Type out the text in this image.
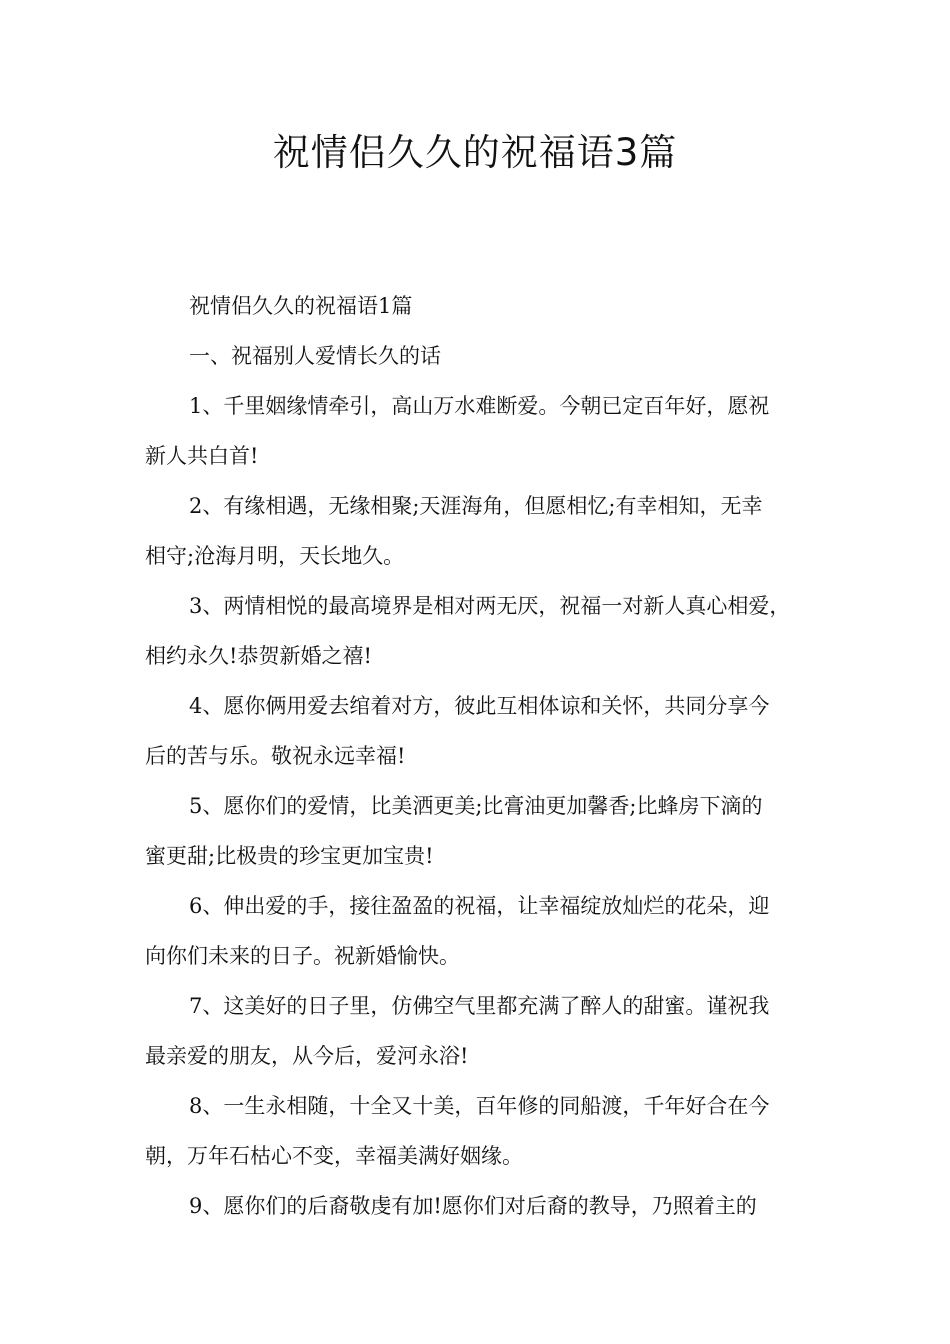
祝情侣久久的祝福语3篇

祝情侣久久的祝福语1篇

一、祝福别人爱情长久的话

1、千里姻缘情牵引，高山万水难断爱。今朝已定百年好，愿祝
新人共白首!

2、有缘相遇，无缘相聚;天涯海角，但愿相忆;有幸相知，无幸
相守;沧海月明，天长地久。

3、两情相悦的最高境界是相对两无厌，祝福一对新人真心相爱，
相约永久!恭贺新婚之禧!

4、愿你俩用爱去绾着对方，彼此互相体谅和关怀，共同分享今
后的苦与乐。敬祝永远幸福!

5、愿你们的爱情，比美洒更美;比膏油更加馨香;比蜂房下滴的
蜜更甜;比极贵的珍宝更加宝贵!

6、伸出爱的手，接往盈盈的祝福，让幸福绽放灿烂的花朵，迎
向你们未来的日子。祝新婚愉快。

7、这美好的日子里，仿佛空气里都充满了醉人的甜蜜。谨祝我
最亲爱的朋友，从今后，爱河永浴!

8、一生永相随，十全又十美，百年修的同船渡，千年好合在今
朝，万年石枯心不变，幸福美满好姻缘。

9、愿你们的后裔敬虔有加!愿你们对后裔的教导，乃照着主的
